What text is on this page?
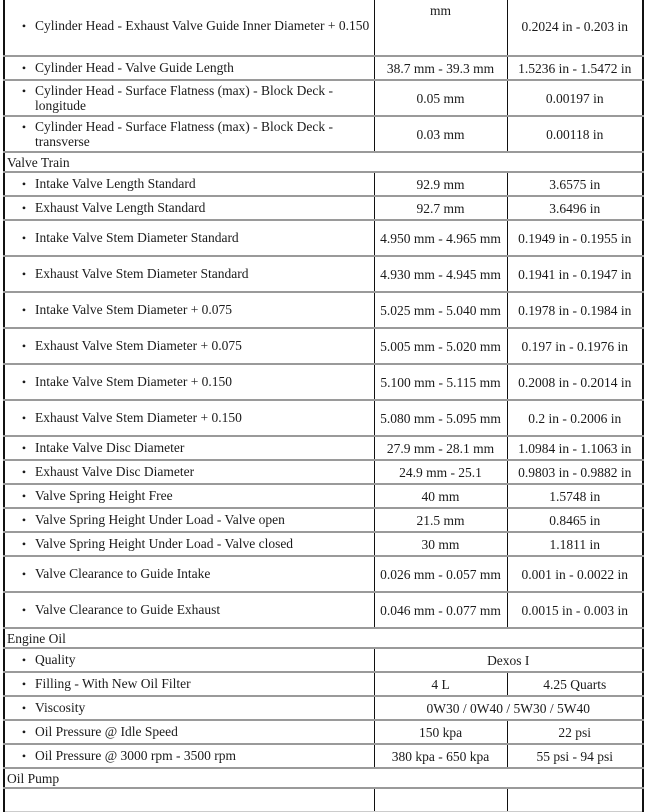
• Cylinder Head - Exhaust Valve Guide Inner Diameter + 0.150	mm	0.2024 in - 0.203 in

• Cylinder Head - Valve Guide Length	38.7 mm - 39.3 mm	1.5236 in - 1.5472 in

• Cylinder Head - Surface Flatness (max) - Block Deck - longitude	0.05 mm	0.00197 in

• Cylinder Head - Surface Flatness (max) - Block Deck - transverse	0.03 mm	0.00118 in
Valve Train		

• Intake Valve Length Standard	92.9 mm	3.6575 in

• Exhaust Valve Length Standard	92.7 mm	3.6496 in

• Intake Valve Stem Diameter Standard	4.950 mm - 4.965 mm	0.1949 in - 0.1955 in

• Exhaust Valve Stem Diameter Standard	4.930 mm - 4.945 mm	0.1941 in - 0.1947 in

• Intake Valve Stem Diameter + 0.075	5.025 mm - 5.040 mm	0.1978 in - 0.1984 in

• Exhaust Valve Stem Diameter + 0.075	5.005 mm - 5.020 mm	0.197 in - 0.1976 in

• Intake Valve Stem Diameter + 0.150	5.100 mm - 5.115 mm	0.2008 in - 0.2014 in

• Exhaust Valve Stem Diameter + 0.150	5.080 mm - 5.095 mm	0.2 in - 0.2006 in

• Intake Valve Disc Diameter	27.9 mm - 28.1 mm	1.0984 in - 1.1063 in

• Exhaust Valve Disc Diameter	24.9 mm - 25.1	0.9803 in - 0.9882 in

• Valve Spring Height Free	40 mm	1.5748 in

• Valve Spring Height Under Load - Valve open	21.5 mm	0.8465 in

• Valve Spring Height Under Load - Valve closed	30 mm	1.1811 in

• Valve Clearance to Guide Intake	0.026 mm - 0.057 mm	0.001 in - 0.0022 in

• Valve Clearance to Guide Exhaust	0.046 mm - 0.077 mm	0.0015 in - 0.003 in
Engine Oil		

• Quality	Dexos I	

• Filling - With New Oil Filter	4 L	4.25 Quarts

• Viscosity	0W30 / 0W40 / 5W30 / 5W40	

• Oil Pressure @ Idle Speed	150 kpa	22 psi

• Oil Pressure @ 3000 rpm - 3500 rpm	380 kpa - 650 kpa	55 psi - 94 psi
Oil Pump		
